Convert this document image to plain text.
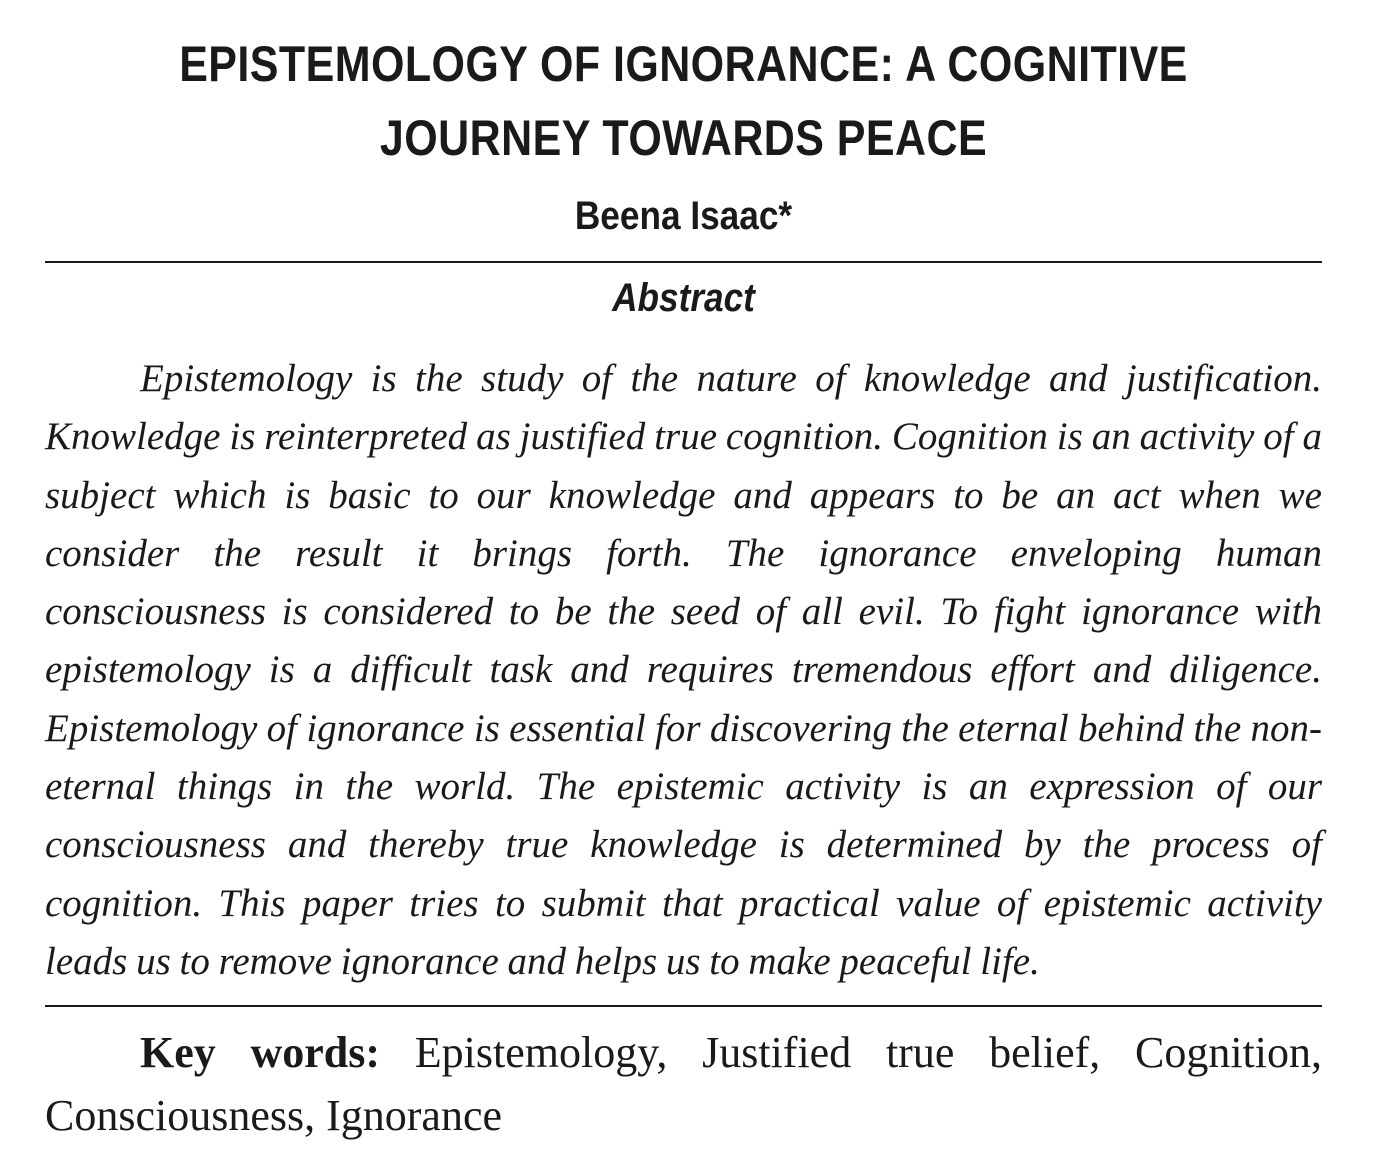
EPISTEMOLOGY OF IGNORANCE: A COGNITIVE JOURNEY TOWARDS PEACE

Beena Isaac*

Abstract

Epistemology is the study of the nature of knowledge and justification. Knowledge is reinterpreted as justified true cognition. Cognition is an activity of a subject which is basic to our knowledge and appears to be an act when we consider the result it brings forth. The ignorance enveloping human consciousness is considered to be the seed of all evil. To fight ignorance with epistemology is a difficult task and requires tremendous effort and diligence. Epistemology of ignorance is essential for discovering the eternal behind the non-eternal things in the world. The epistemic activity is an expression of our consciousness and thereby true knowledge is determined by the process of cognition. This paper tries to submit that practical value of epistemic activity leads us to remove ignorance and helps us to make peaceful life.

Key words: Epistemology, Justified true belief, Cognition, Consciousness, Ignorance
